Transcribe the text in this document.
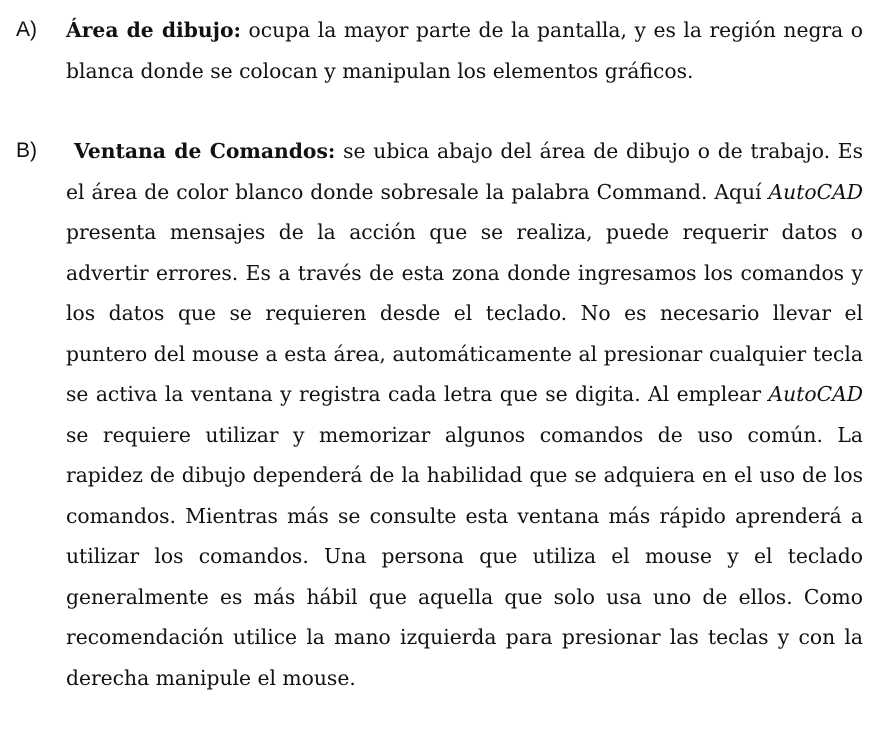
A) Área de dibujo: ocupa la mayor parte de la pantalla, y es la región negra o blanca donde se colocan y manipulan los elementos gráficos.

B)	Ventana de Comandos: se ubica abajo del área de dibujo o de trabajo. Es el área de color blanco donde sobresale la palabra Command. Aquí AutoCAD presenta mensajes de la acción que se realiza, puede requerir datos o advertir errores. Es a través de esta zona donde ingresamos los comandos y los datos que se requieren desde el teclado. No es necesario llevar el puntero del mouse a esta área, automáticamente al presionar cualquier tecla se activa la ventana y registra cada letra que se digita. Al emplear AutoCAD se requiere utilizar y memorizar algunos comandos de uso común. La rapidez de dibujo dependerá de la habilidad que se adquiera en el uso de los comandos. Mientras más se consulte esta ventana más rápido aprenderá a utilizar los comandos. Una persona que utiliza el mouse y el teclado generalmente es más hábil que aquella que solo usa uno de ellos. Como recomendación utilice la mano izquierda para presionar las teclas y con la derecha manipule el mouse.
